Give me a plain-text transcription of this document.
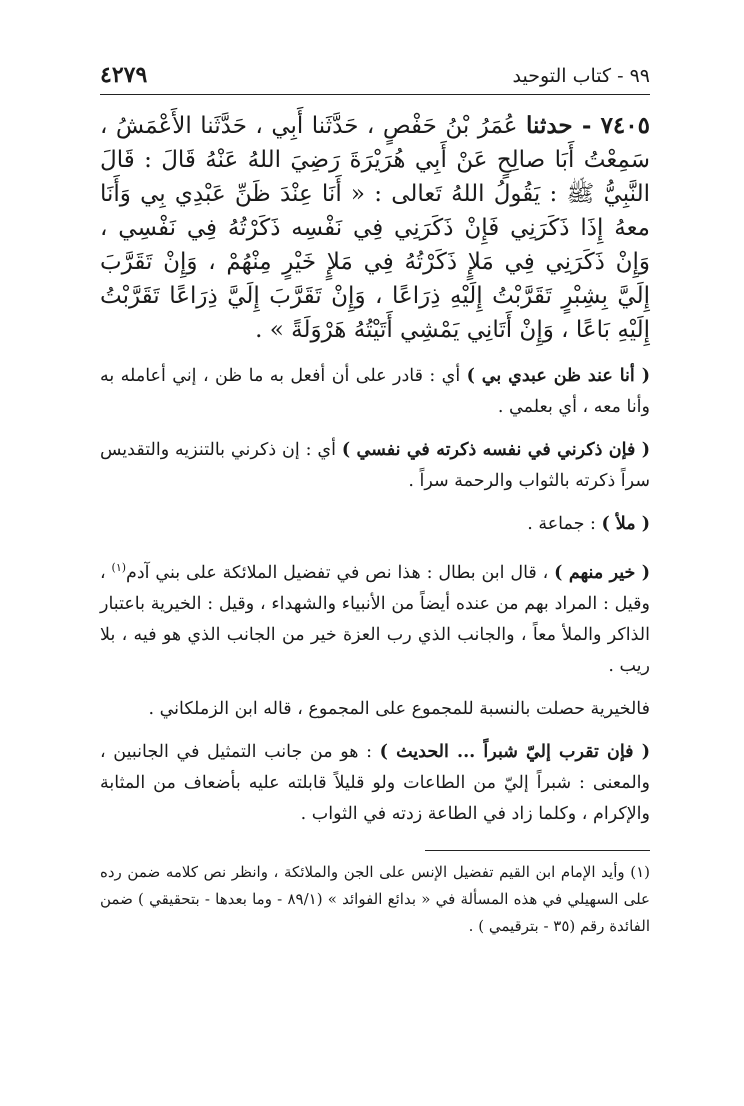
٩٩ - كتاب التوحيد
٤٢٧٩
٧٤٠٥ - حدثنا عُمَرُ بْنُ حَفْصٍ ، حَدَّثَنا أَبِي ، حَدَّثَنا الأَعْمَشُ ، سَمِعْتُ أَبَا صالِحٍ عَنْ أَبِي هُرَيْرَةَ رَضِيَ اللهُ عَنْهُ قَالَ : قَالَ النَّبِيُّ ﷺ : يَقُولُ اللهُ تَعالى : « أَنَا عِنْدَ ظَنِّ عَبْدِي بِي وَأَنَا معهُ إِذَا ذَكَرَنِي فَإِنْ ذَكَرَنِي فِي نَفْسِه ذَكَرْتُهُ فِي نَفْسِي ، وَإِنْ ذَكَرَنِي فِي مَلإٍ ذَكَرْتُهُ فِي مَلإٍ خَيْرٍ مِنْهُمْ ، وَإِنْ تَقَرَّبَ إِلَيَّ بِشِبْرٍ تَقَرَّبْتُ إِلَيْهِ ذِرَاعًا ، وَإِنْ تَقَرَّبَ إِلَيَّ ذِرَاعًا تَقَرَّبْتُ إِلَيْهِ بَاعًا ، وَإِنْ أَتَانِي يَمْشِي أَتَيْتُهُ هَرْوَلَةً » .

( أنا عند ظن عبدي بي ) أي : قادر على أن أفعل به ما ظن ، إني أعامله به وأنا معه ، أي بعلمي .

( فإن ذكرني في نفسه ذكرته في نفسي ) أي : إن ذكرني بالتنزيه والتقديس سراً ذكرته بالثواب والرحمة سراً .

( ملأ ) : جماعة .

( خير منهم ) ، قال ابن بطال : هذا نص في تفضيل الملائكة على بني آدم$^{(١)}$ ، وقيل : المراد بهم من عنده أيضاً من الأنبياء والشهداء ، وقيل : الخيرية باعتبار الذاكر والملأ معاً ، والجانب الذي رب العزة خير من الجانب الذي هو فيه ، بلا ريب .

فالخيرية حصلت بالنسبة للمجموع على المجموع ، قاله ابن الزملكاني .

( فإن تقرب إليّ شبراً ... الحديث ) : هو من جانب التمثيل في الجانبين ، والمعنى : شبراً إليّ من الطاعات ولو قليلاً قابلته عليه بأضعاف من المثابة والإكرام ، وكلما زاد في الطاعة زدته في الثواب .

(١) وأيد الإمام ابن القيم تفضيل الإنس على الجن والملائكة ، وانظر نص كلامه ضمن رده على السهيلي في هذه المسألة في « بدائع الفوائد » (٨٩/١ - وما بعدها - بتحقيقي ) ضمن الفائدة رقم (٣٥ - بترقيمي ) .
